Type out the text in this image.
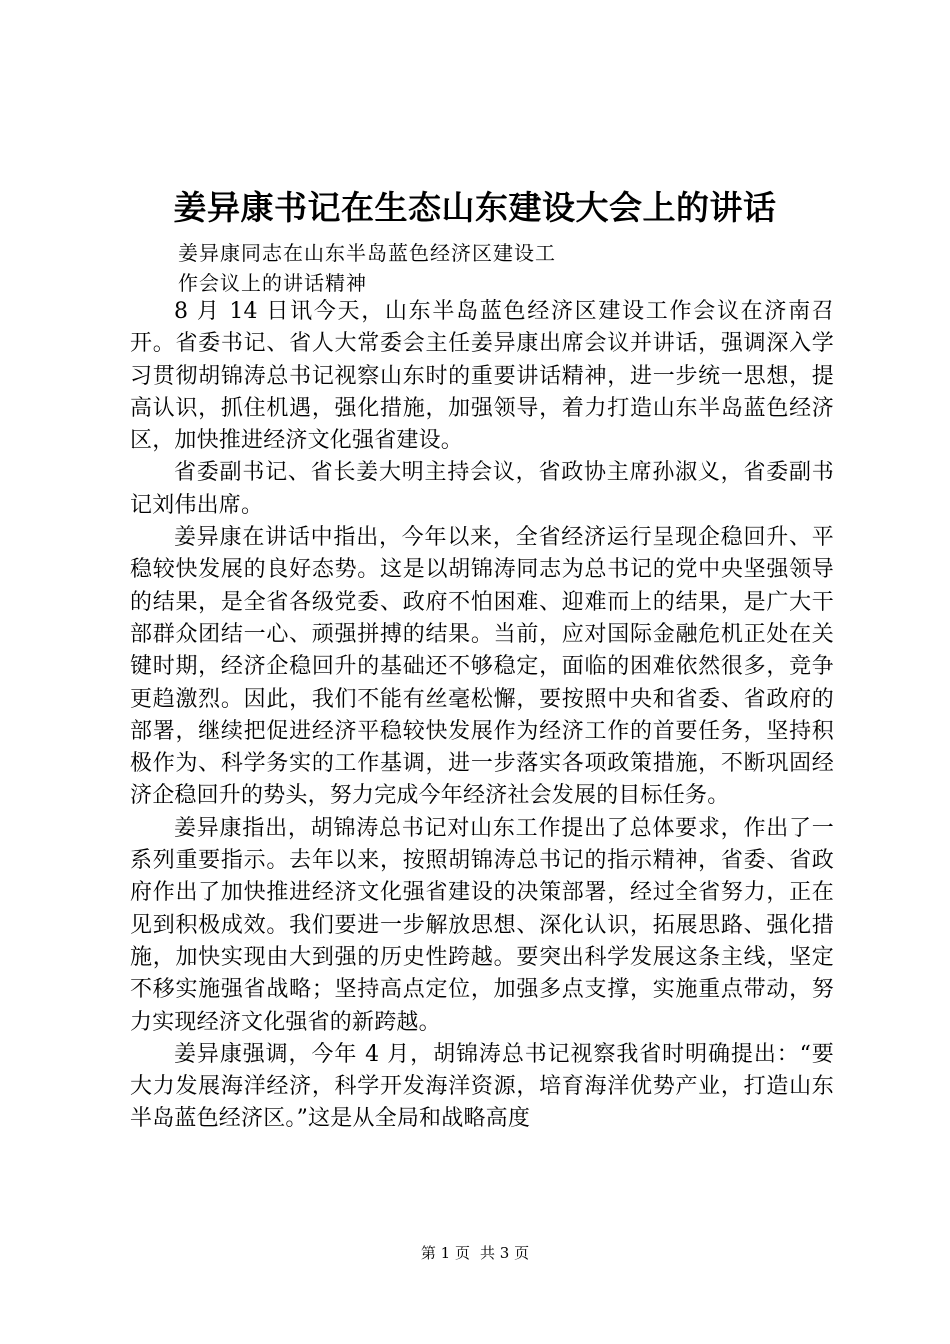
姜异康书记在生态山东建设大会上的讲话
姜异康同志在山东半岛蓝色经济区建设工
作会议上的讲话精神

8 月 14 日讯今天，山东半岛蓝色经济区建设工作会议在济南召开。省委书记、省人大常委会主任姜异康出席会议并讲话，强调深入学习贯彻胡锦涛总书记视察山东时的重要讲话精神，进一步统一思想，提高认识，抓住机遇，强化措施，加强领导，着力打造山东半岛蓝色经济区，加快推进经济文化强省建设。

省委副书记、省长姜大明主持会议，省政协主席孙淑义，省委副书记刘伟出席。

姜异康在讲话中指出，今年以来，全省经济运行呈现企稳回升、平稳较快发展的良好态势。这是以胡锦涛同志为总书记的党中央坚强领导的结果，是全省各级党委、政府不怕困难、迎难而上的结果，是广大干部群众团结一心、顽强拼搏的结果。当前，应对国际金融危机正处在关键时期，经济企稳回升的基础还不够稳定，面临的困难依然很多，竞争更趋激烈。因此，我们不能有丝毫松懈，要按照中央和省委、省政府的部署，继续把促进经济平稳较快发展作为经济工作的首要任务，坚持积极作为、科学务实的工作基调，进一步落实各项政策措施，不断巩固经济企稳回升的势头，努力完成今年经济社会发展的目标任务。

姜异康指出，胡锦涛总书记对山东工作提出了总体要求，作出了一系列重要指示。去年以来，按照胡锦涛总书记的指示精神，省委、省政府作出了加快推进经济文化强省建设的决策部署，经过全省努力，正在见到积极成效。我们要进一步解放思想、深化认识，拓展思路、强化措施，加快实现由大到强的历史性跨越。要突出科学发展这条主线，坚定不移实施强省战略；坚持高点定位，加强多点支撑，实施重点带动，努力实现经济文化强省的新跨越。

姜异康强调，今年 4 月，胡锦涛总书记视察我省时明确提出：“要大力发展海洋经济，科学开发海洋资源，培育海洋优势产业，打造山东半岛蓝色经济区。”这是从全局和战略高度

第 1 页 共 3 页
